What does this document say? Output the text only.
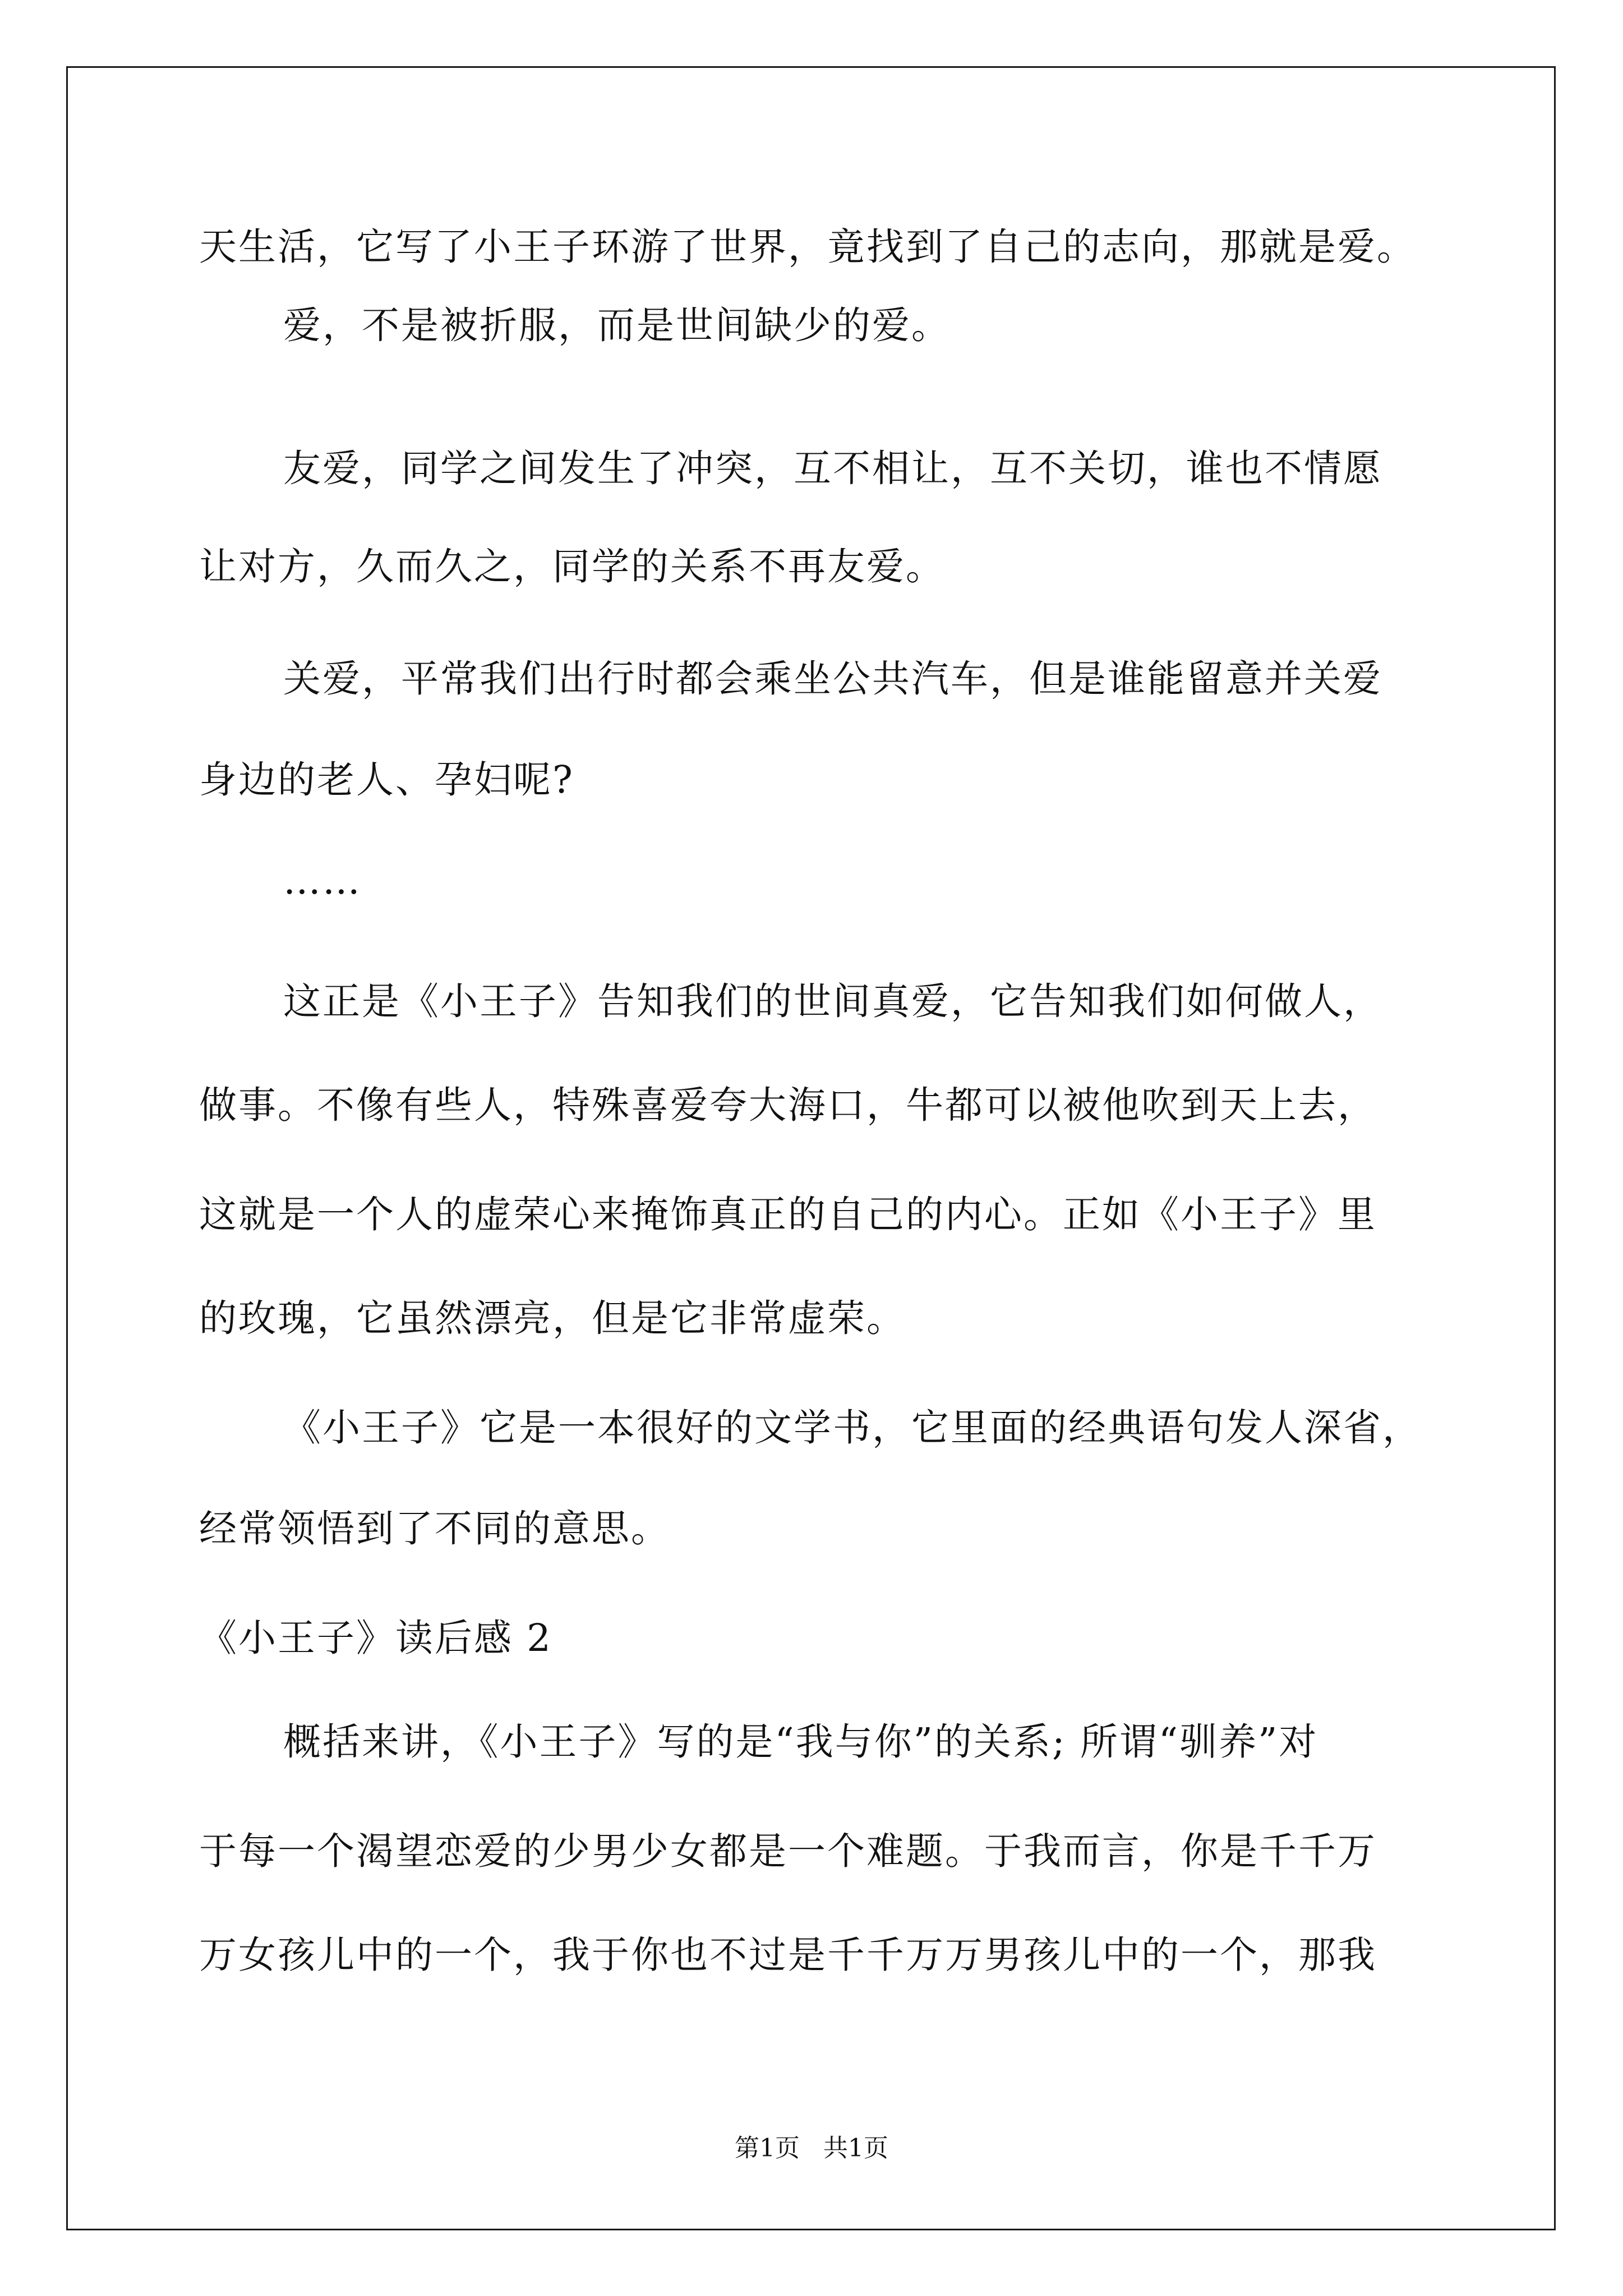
天生活，它写了小王子环游了世界，竟找到了自己的志向，那就是爱。
爱，不是被折服，而是世间缺少的爱。
友爱，同学之间发生了冲突，互不相让，互不关切，谁也不情愿
让对方，久而久之，同学的关系不再友爱。
关爱，平常我们出行时都会乘坐公共汽车，但是谁能留意并关爱
身边的老人、孕妇呢?
……
这正是《小王子》告知我们的世间真爱，它告知我们如何做人，
做事。不像有些人，特殊喜爱夸大海口，牛都可以被他吹到天上去，
这就是一个人的虚荣心来掩饰真正的自己的内心。正如《小王子》里
的玫瑰，它虽然漂亮，但是它非常虚荣。
《小王子》它是一本很好的文学书，它里面的经典语句发人深省，
经常领悟到了不同的意思。
《小王子》读后感 2
概括来讲，《小王子》写的是“我与你”的关系; 所谓“驯养”对
于每一个渴望恋爱的少男少女都是一个难题。于我而言，你是千千万
万女孩儿中的一个，我于你也不过是千千万万男孩儿中的一个，那我
第1页 共1页
